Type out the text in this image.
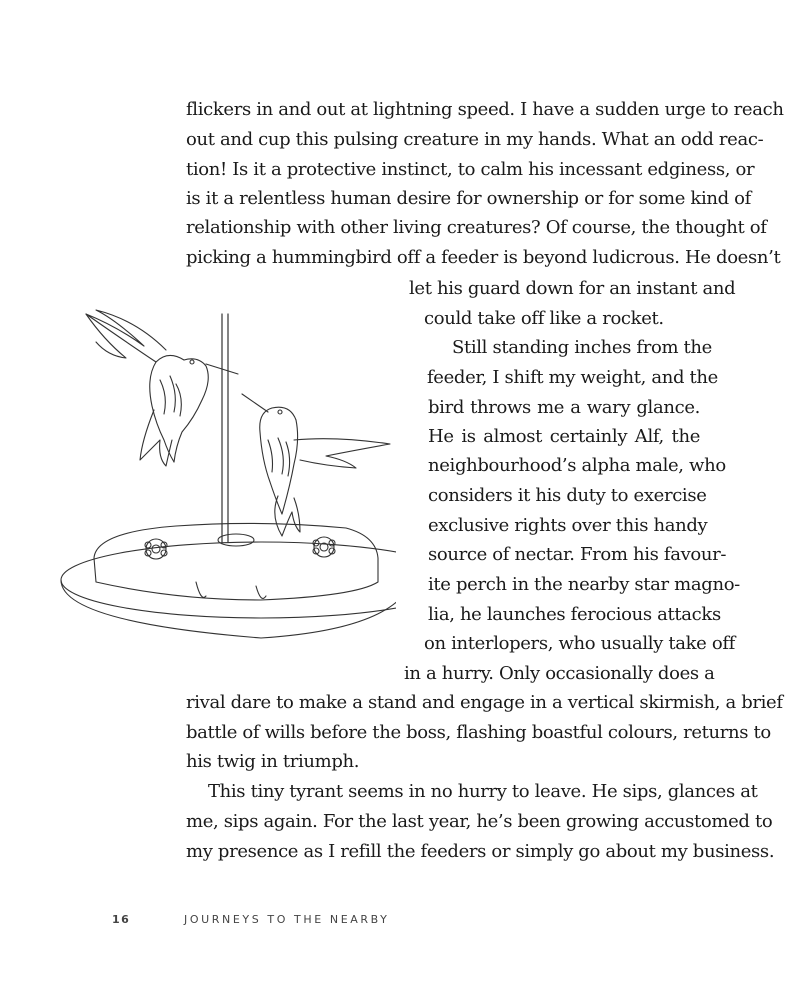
flickers in and out at lightning speed. I have a sudden urge to reach
out and cup this pulsing creature in my hands. What an odd reac-
tion! Is it a protective instinct, to calm his incessant edginess, or
is it a relentless human desire for ownership or for some kind of
relationship with other living creatures? Of course, the thought of
picking a hummingbird off a feeder is beyond ludicrous. He doesn’t
let his guard down for an instant and
could take off like a rocket.
Still standing inches from the
feeder, I shift my weight, and the
bird throws me a wary glance.
He is almost certainly Alf, the
neighbourhood’s alpha male, who
considers it his duty to exercise
exclusive rights over this handy
source of nectar. From his favour-
ite perch in the nearby star magno-
lia, he launches ferocious attacks
on interlopers, who usually take off
in a hurry. Only occasionally does a
rival dare to make a stand and engage in a vertical skirmish, a brief
battle of wills before the boss, flashing boastful colours, returns to
his twig in triumph.
This tiny tyrant seems in no hurry to leave. He sips, glances at
me, sips again. For the last year, he’s been growing accustomed to
my presence as I refill the feeders or simply go about my business.
16	JOURNEYS TO THE NEARBY
